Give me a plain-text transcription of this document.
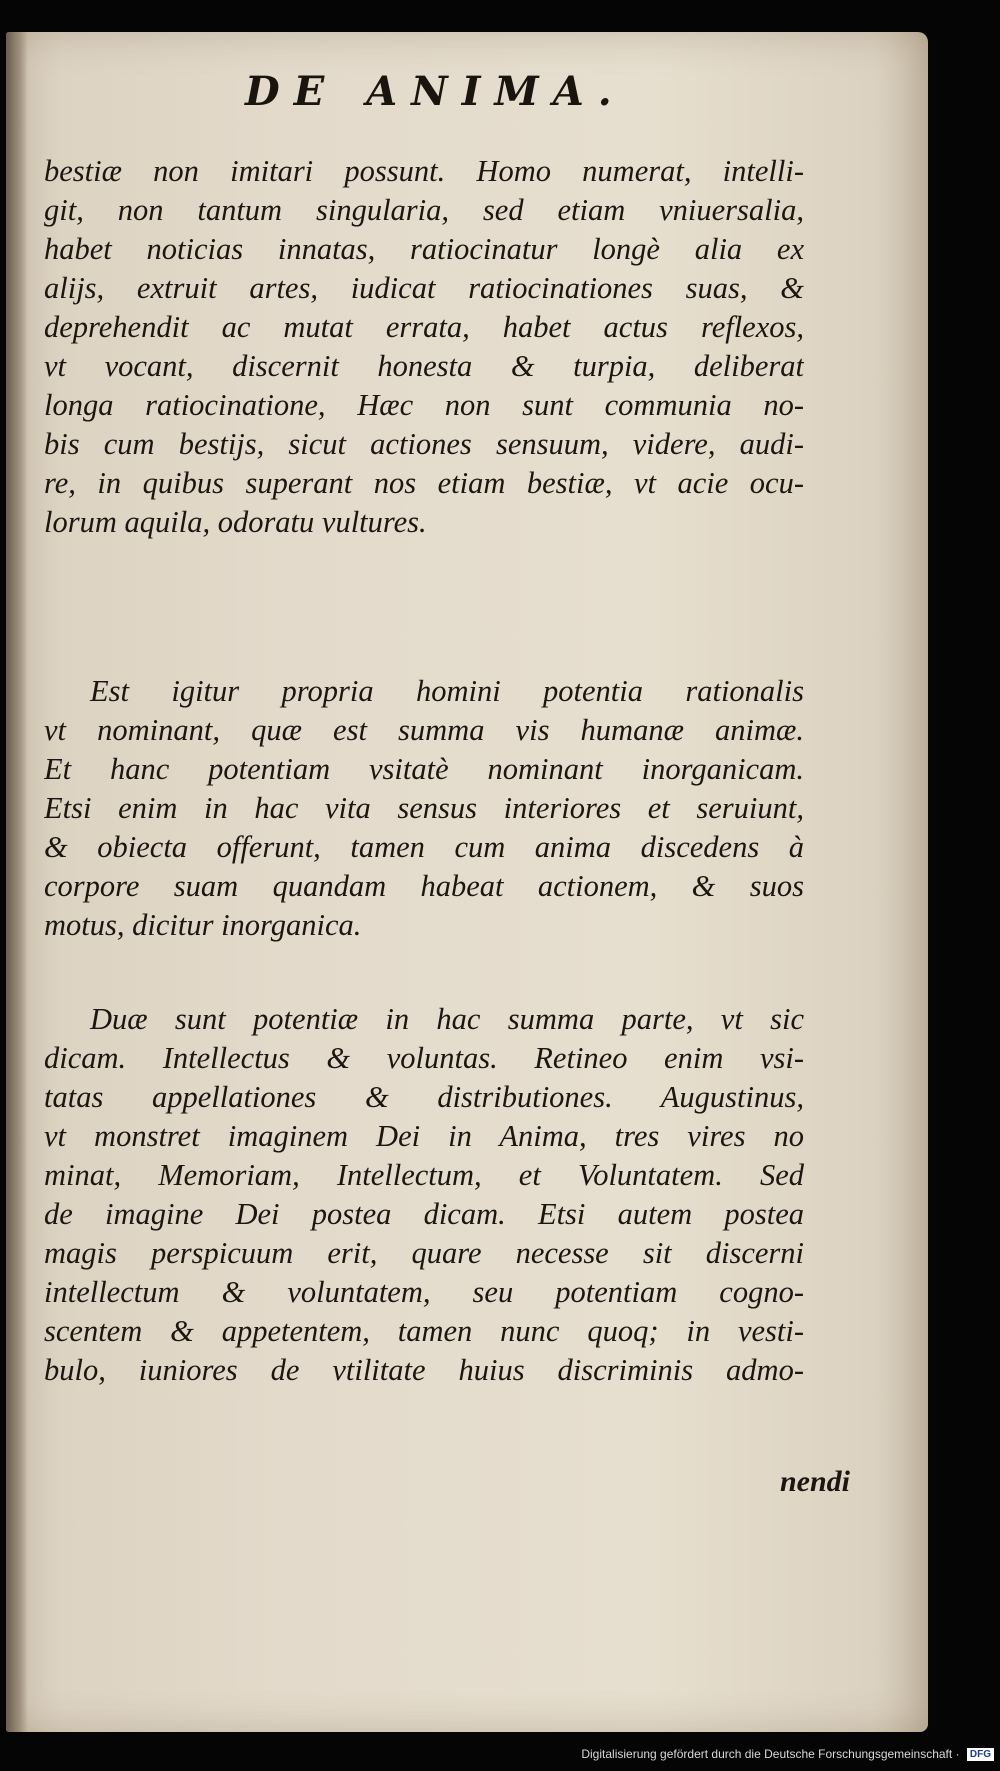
DE ANIMA.
bestiæ non imitari possunt. Homo numerat, intelli-
git, non tantum singularia, sed etiam vniuersalia,
habet noticias innatas, ratiocinatur longè alia ex
alijs, extruit artes, iudicat ratiocinationes suas, &
deprehendit ac mutat errata, habet actus reflexos,
vt vocant, discernit honesta & turpia, deliberat
longa ratiocinatione, Hæc non sunt communia no-
bis cum bestijs, sicut actiones sensuum, videre, audi-
re, in quibus superant nos etiam bestiæ, vt acie ocu-
lorum aquila, odoratu vultures.
Est igitur propria homini potentia rationalis
vt nominant, quæ est summa vis humanæ animæ.
Et hanc potentiam vsitatè nominant inorganicam.
Etsi enim in hac vita sensus interiores et seruiunt,
& obiecta offerunt, tamen cum anima discedens à
corpore suam quandam habeat actionem, & suos
motus, dicitur inorganica.
Duæ sunt potentiæ in hac summa parte, vt sic
dicam. Intellectus & voluntas. Retineo enim vsi-
tatas appellationes & distributiones. Augustinus,
vt monstret imaginem Dei in Anima, tres vires no
minat, Memoriam, Intellectum, et Voluntatem. Sed
de imagine Dei postea dicam. Etsi autem postea
magis perspicuum erit, quare necesse sit discerni
intellectum & voluntatem, seu potentiam cogno-
scentem & appetentem, tamen nunc quoq; in vesti-
bulo, iuniores de vtilitate huius discriminis admo-
nendi
Digitalisierung gefördert durch die Deutsche Forschungsgemeinschaft · DFG
